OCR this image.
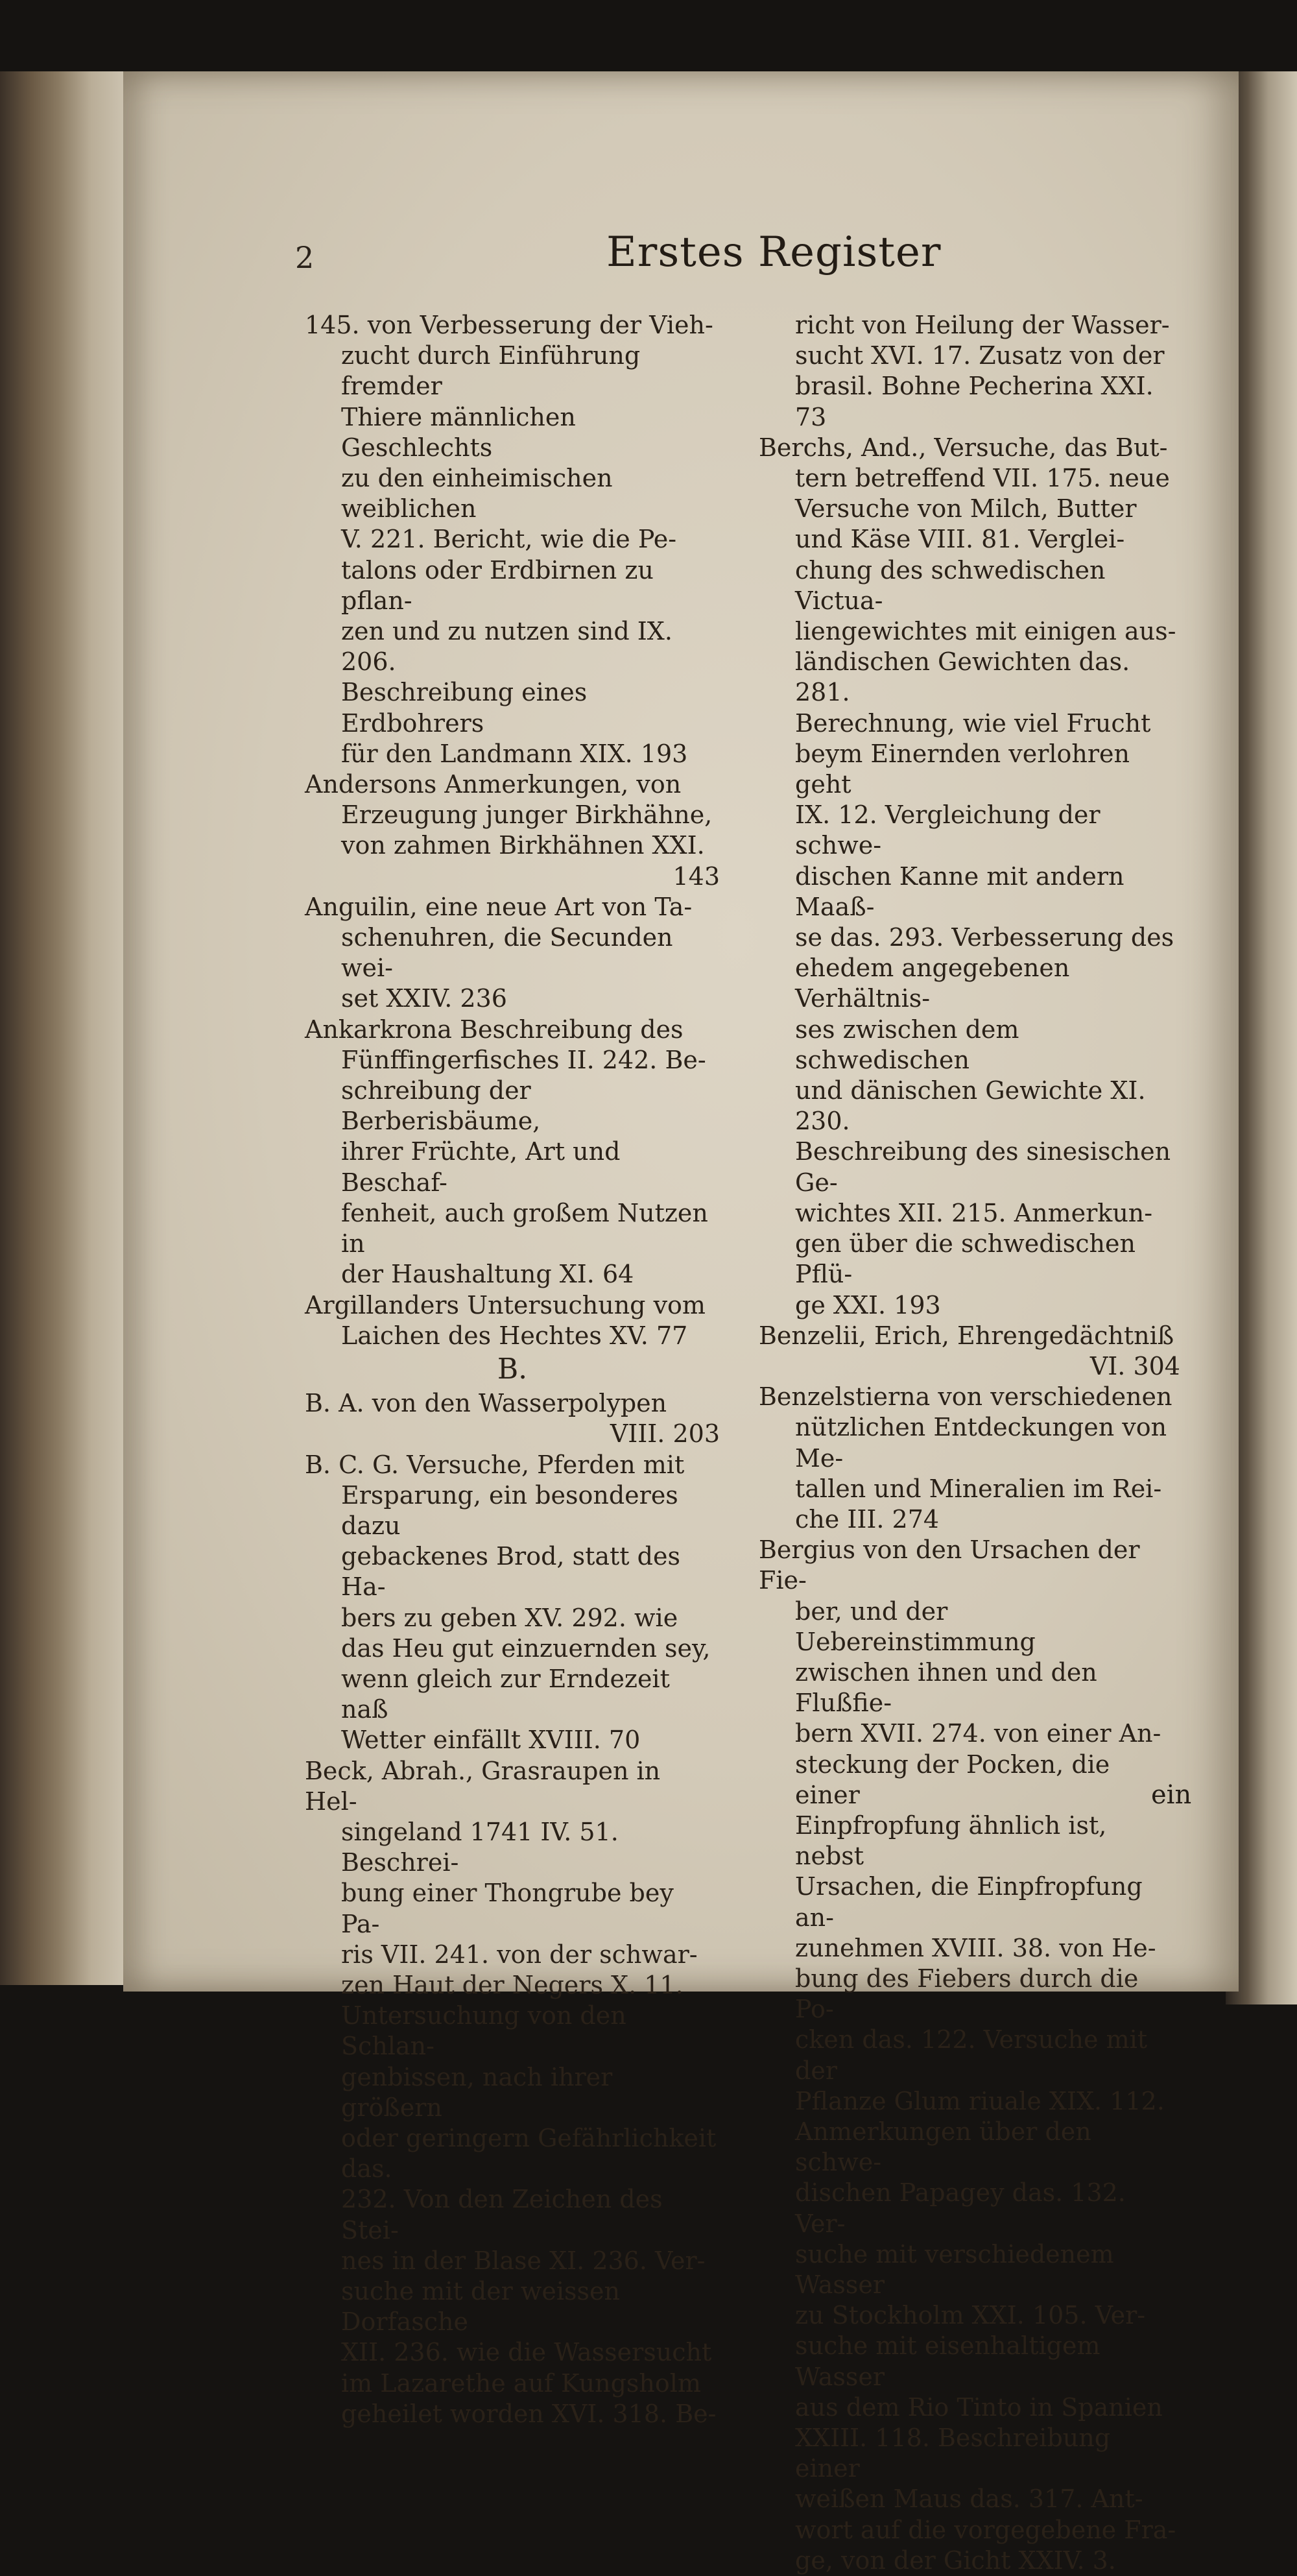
2	Erstes Register

145. von Verbesserung der Vieh-

zucht durch Einführung fremder

Thiere männlichen Geschlechts

zu den einheimischen weiblichen

V. 221. Bericht, wie die Pe-

talons oder Erdbirnen zu pflan-

zen und zu nutzen sind IX. 206.

Beschreibung eines Erdbohrers

für den Landmann XIX. 193

Andersons Anmerkungen, von

Erzeugung junger Birkhähne,

von zahmen Birkhähnen XXI.

143

Anguilin, eine neue Art von Ta-

schenuhren, die Secunden wei-

set XXIV. 236

Ankarkrona Beschreibung des

Fünffingerfisches II. 242. Be-

schreibung der Berberisbäume,

ihrer Früchte, Art und Beschaf-

fenheit, auch großem Nutzen in

der Haushaltung XI. 64

Argillanders Untersuchung vom

Laichen des Hechtes XV. 77

B.

B. A. von den Wasserpolypen

VIII. 203

B. C. G. Versuche, Pferden mit

Ersparung, ein besonderes dazu

gebackenes Brod, statt des Ha-

bers zu geben XV. 292. wie

das Heu gut einzuernden sey,

wenn gleich zur Erndezeit naß

Wetter einfällt XVIII. 70

Beck, Abrah., Grasraupen in Hel-

singeland 1741 IV. 51. Beschrei-

bung einer Thongrube bey Pa-

ris VII. 241. von der schwar-

zen Haut der Negers X. 11.

Untersuchung von den Schlan-

genbissen, nach ihrer größern

oder geringern Gefährlichkeit das.

232. Von den Zeichen des Stei-

nes in der Blase XI. 236. Ver-

suche mit der weissen Dorfasche

XII. 236. wie die Wassersucht

im Lazarethe auf Kungsholm

geheilet worden XVI. 318. Be-

richt von Heilung der Wasser-

sucht XVI. 17. Zusatz von der

brasil. Bohne Pecherina XXI. 73

Berchs, And., Versuche, das But-

tern betreffend VII. 175. neue

Versuche von Milch, Butter

und Käse VIII. 81. Verglei-

chung des schwedischen Victua-

liengewichtes mit einigen aus-

ländischen Gewichten das. 281.

Berechnung, wie viel Frucht

beym Einernden verlohren geht

IX. 12. Vergleichung der schwe-

dischen Kanne mit andern Maaß-

se das. 293. Verbesserung des

ehedem angegebenen Verhältnis-

ses zwischen dem schwedischen

und dänischen Gewichte XI. 230.

Beschreibung des sinesischen Ge-

wichtes XII. 215. Anmerkun-

gen über die schwedischen Pflü-

ge XXI. 193

Benzelii, Erich, Ehrengedächtniß

VI. 304

Benzelstierna von verschiedenen

nützlichen Entdeckungen von Me-

tallen und Mineralien im Rei-

che III. 274

Bergius von den Ursachen der Fie-

ber, und der Uebereinstimmung

zwischen ihnen und den Flußfie-

bern XVII. 274. von einer An-

steckung der Pocken, die einer

Einpfropfung ähnlich ist, nebst

Ursachen, die Einpfropfung an-

zunehmen XVIII. 38. von He-

bung des Fiebers durch die Po-

cken das. 122. Versuche mit der

Pflanze Glum riuale XIX. 112.

Anmerkungen über den schwe-

dischen Papagey das. 132. Ver-

suche mit verschiedenem Wasser

zu Stockholm XXI. 105. Ver-

suche mit eisenhaltigem Wasser

aus dem Rio Tinto in Spanien

XXIII. 118. Beschreibung einer

weißen Maus das. 317. Ant-

wort auf die vorgegebene Fra-

ge, von der Gicht XXIV. 3.

ein
